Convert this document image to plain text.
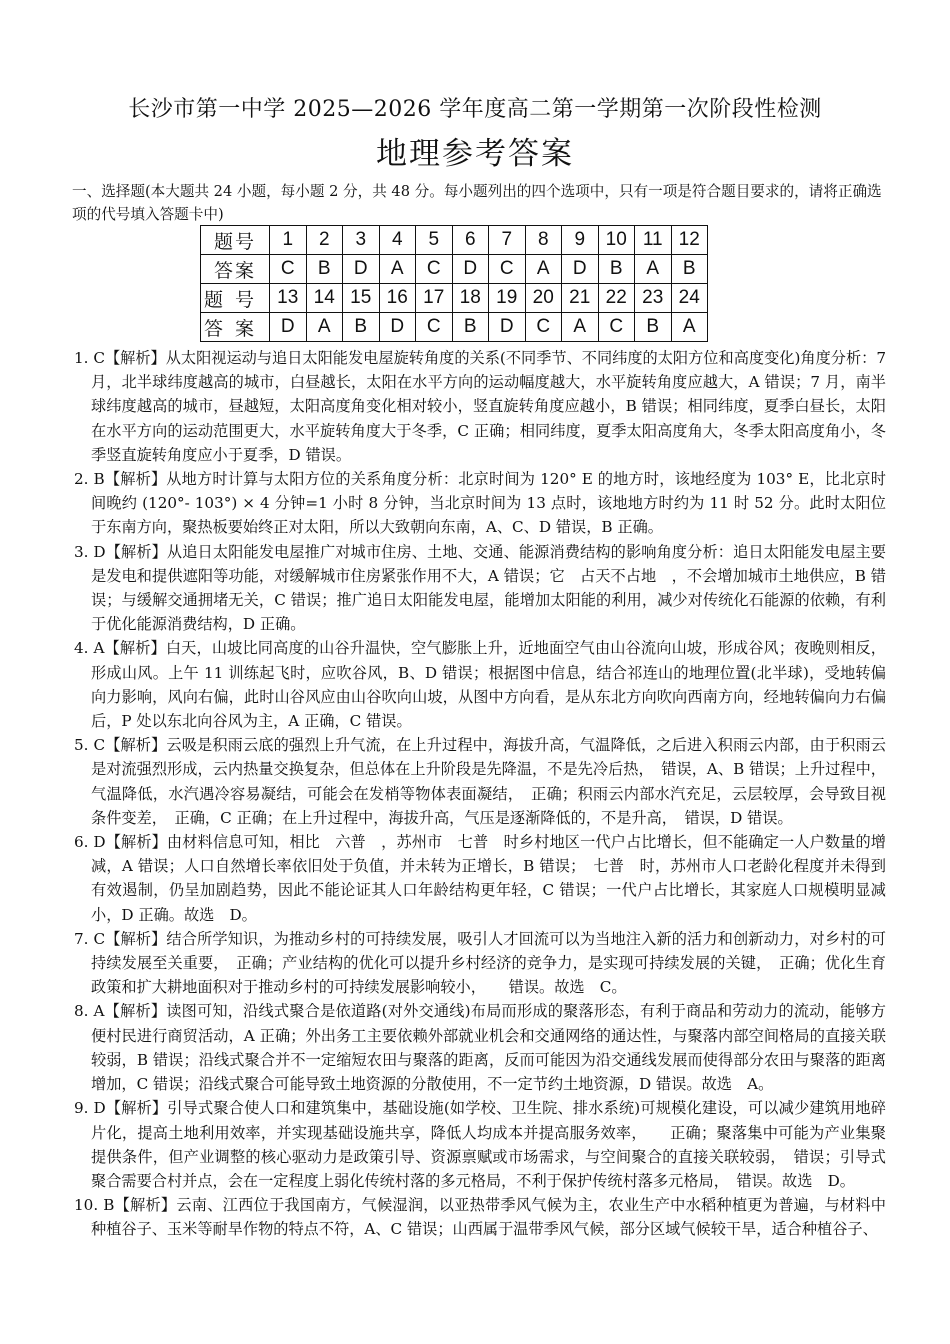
长沙市第一中学 2025—2026 学年度高二第一学期第一次阶段性检测
地理参考答案
一、选择题(本大题共 24 小题，每小题 2 分，共 48 分。每小题列出的四个选项中，只有一项是符合题目要求的，请将正确选项的代号填入答题卡中)
题号	1	2	3	4	5	6	7	8	9	10	11	12
答案	C	B	D	A	C	D	C	A	D	B	A	B
题号	13	14	15	16	17	18	19	20	21	22	23	24
答案	D	A	B	D	C	B	D	C	A	C	B	A

1. C【解析】从太阳视运动与追日太阳能发电屋旋转角度的关系(不同季节、不同纬度的太阳方位和高度变化)角度分析：7月，北半球纬度越高的城市，白昼越长，太阳在水平方向的运动幅度越大，水平旋转角度应越大，A 错误；7 月，南半球纬度越高的城市，昼越短，太阳高度角变化相对较小，竖直旋转角度应越小，B 错误；相同纬度，夏季白昼长，太阳在水平方向的运动范围更大，水平旋转角度大于冬季，C 正确；相同纬度，夏季太阳高度角大，冬季太阳高度角小，冬季竖直旋转角度应小于夏季，D 错误。

2. B【解析】从地方时计算与太阳方位的关系角度分析：北京时间为 120° E 的地方时，该地经度为 103° E，比北京时间晚约 (120°- 103°) × 4 分钟=1 小时 8 分钟，当北京时间为 13 点时，该地地方时约为 11 时 52 分。此时太阳位于东南方向，聚热板要始终正对太阳，所以大致朝向东南，A、C、D 错误，B 正确。

3. D【解析】从追日太阳能发电屋推广对城市住房、土地、交通、能源消费结构的影响角度分析：追日太阳能发电屋主要是发电和提供遮阳等功能，对缓解城市住房紧张作用不大，A 错误；它　占天不占地　，不会增加城市土地供应，B 错误；与缓解交通拥堵无关，C 错误；推广追日太阳能发电屋，能增加太阳能的利用，减少对传统化石能源的依赖，有利于优化能源消费结构，D 正确。

4. A【解析】白天，山坡比同高度的山谷升温快，空气膨胀上升，近地面空气由山谷流向山坡，形成谷风；夜晚则相反，形成山风。上午 11 训练起飞时，应吹谷风，B、D 错误；根据图中信息，结合祁连山的地理位置(北半球)，受地转偏向力影响，风向右偏，此时山谷风应由山谷吹向山坡，从图中方向看，是从东北方向吹向西南方向，经地转偏向力右偏后，P 处以东北向谷风为主，A 正确，C 错误。

5. C【解析】云吸是积雨云底的强烈上升气流，在上升过程中，海拔升高，气温降低，之后进入积雨云内部，由于积雨云是对流强烈形成，云内热量交换复杂，但总体在上升阶段是先降温，不是先冷后热，　错误，A、B 错误；上升过程中，气温降低，水汽遇冷容易凝结，可能会在发梢等物体表面凝结，　正确；积雨云内部水汽充足，云层较厚，会导致目视条件变差，　正确，C 正确；在上升过程中，海拔升高，气压是逐渐降低的，不是升高，　错误，D 错误。

6. D【解析】由材料信息可知，相比　六普　，苏州市　七普　时乡村地区一代户占比增长，但不能确定一人户数量的增减，A 错误；人口自然增长率依旧处于负值，并未转为正增长，B 错误；　七普　时，苏州市人口老龄化程度并未得到有效遏制，仍呈加剧趋势，因此不能论证其人口年龄结构更年轻，C 错误；一代户占比增长，其家庭人口规模明显减小，D 正确。故选　D。

7. C【解析】结合所学知识，为推动乡村的可持续发展，吸引人才回流可以为当地注入新的活力和创新动力，对乡村的可持续发展至关重要，　正确；产业结构的优化可以提升乡村经济的竞争力，是实现可持续发展的关键，　正确；优化生育政策和扩大耕地面积对于推动乡村的可持续发展影响较小，　　错误。故选　C。

8. A【解析】读图可知，沿线式聚合是依道路(对外交通线)布局而形成的聚落形态，有利于商品和劳动力的流动，能够方便村民进行商贸活动，A 正确；外出务工主要依赖外部就业机会和交通网络的通达性，与聚落内部空间格局的直接关联较弱，B 错误；沿线式聚合并不一定缩短农田与聚落的距离，反而可能因为沿交通线发展而使得部分农田与聚落的距离增加，C 错误；沿线式聚合可能导致土地资源的分散使用，不一定节约土地资源，D 错误。故选　A。

9. D【解析】引导式聚合使人口和建筑集中，基础设施(如学校、卫生院、排水系统)可规模化建设，可以减少建筑用地碎片化，提高土地利用效率，并实现基础设施共享，降低人均成本并提高服务效率，　　正确；聚落集中可能为产业集聚提供条件，但产业调整的核心驱动力是政策引导、资源禀赋或市场需求，与空间聚合的直接关联较弱，　错误；引导式聚合需要合村并点，会在一定程度上弱化传统村落的多元格局，不利于保护传统村落多元格局，　错误。故选　D。

10. B【解析】云南、江西位于我国南方，气候湿润，以亚热带季风气候为主，农业生产中水稻种植更为普遍，与材料中种植谷子、玉米等耐旱作物的特点不符，A、C 错误；山西属于温带季风气候，部分区域气候较干旱，适合种植谷子、
